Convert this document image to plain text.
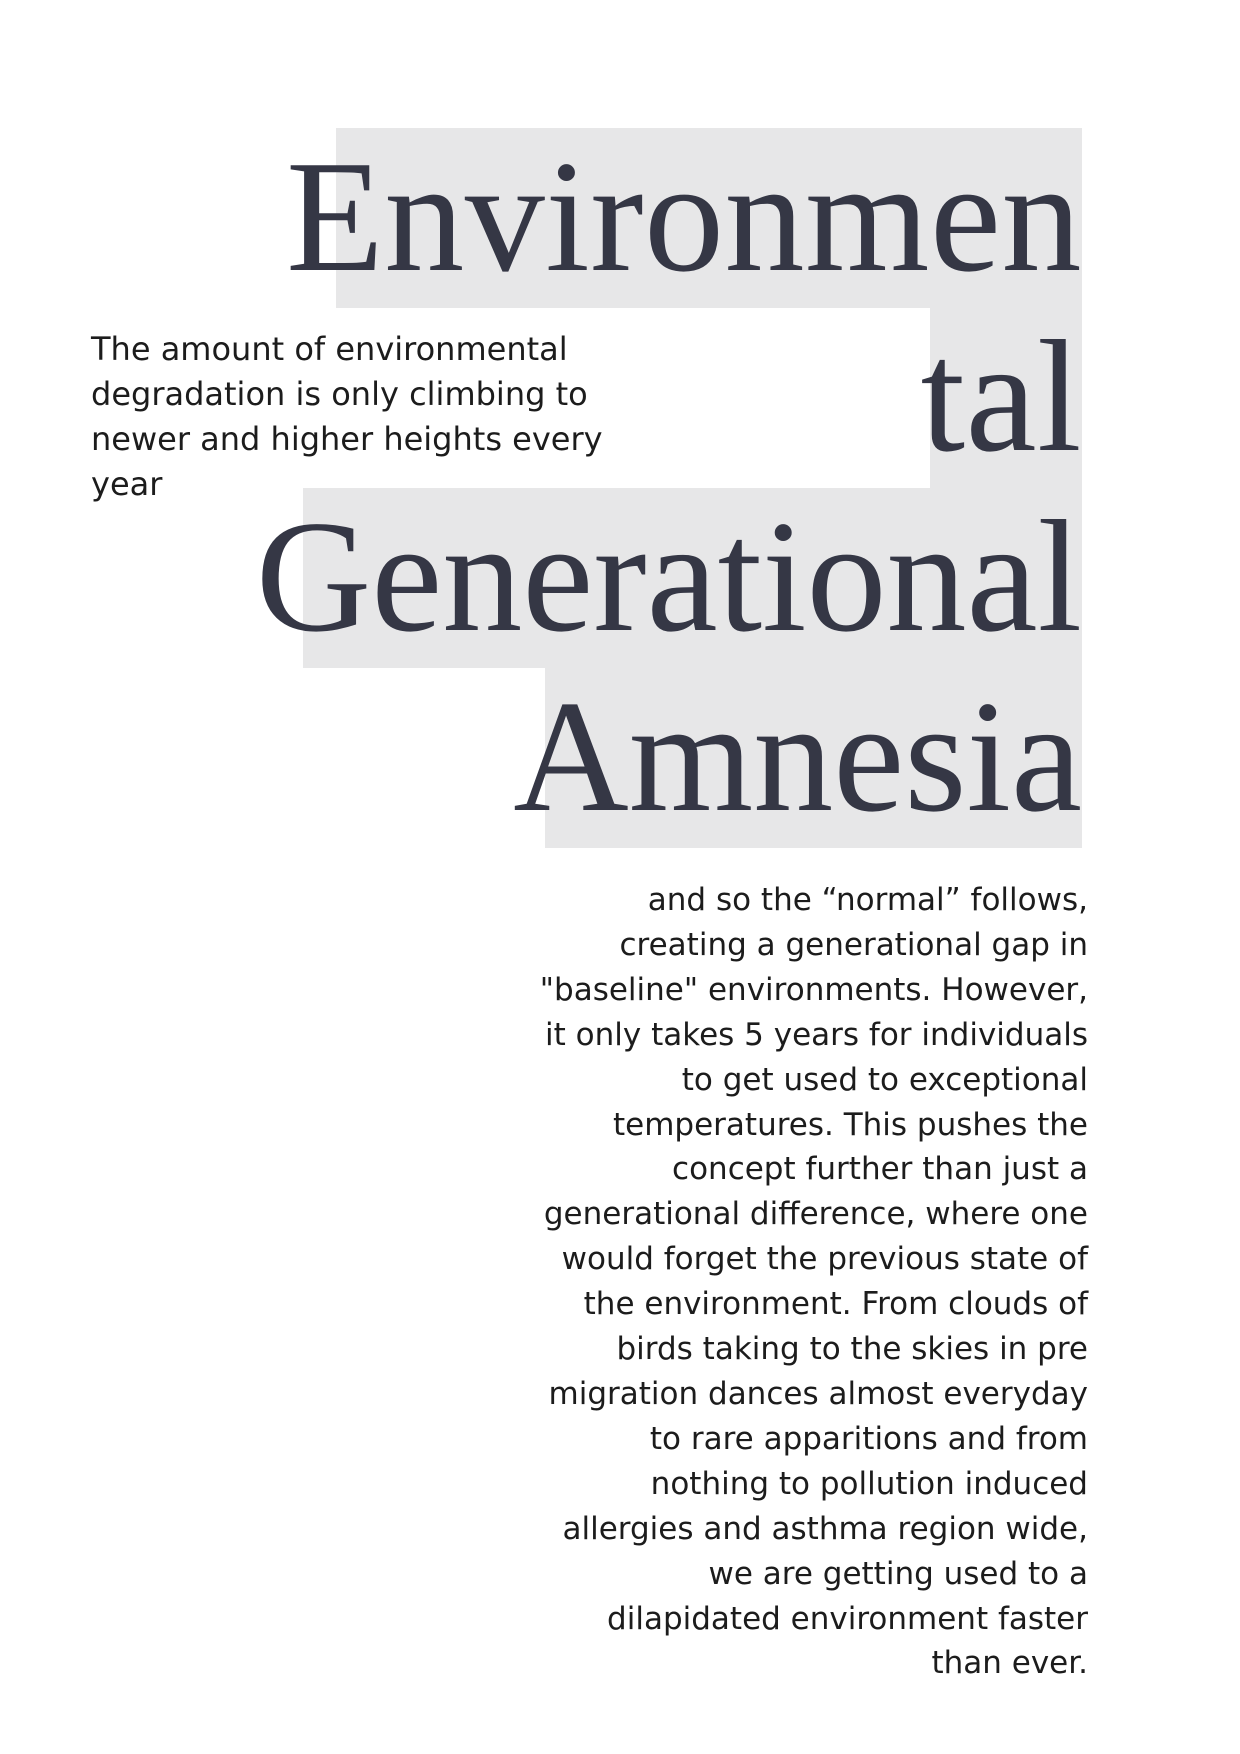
Environmen
tal
Generational
Amnesia
The amount of environmental
degradation is only climbing to
newer and higher heights every
year
and so the “normal” follows,
creating a generational gap in
"baseline" environments. However,
it only takes 5 years for individuals
to get used to exceptional
temperatures. This pushes the
concept further than just a
generational difference, where one
would forget the previous state of
the environment. From clouds of
birds taking to the skies in pre
migration dances almost everyday
to rare apparitions and from
nothing to pollution induced
allergies and asthma region wide,
we are getting used to a
dilapidated environment faster
than ever.
